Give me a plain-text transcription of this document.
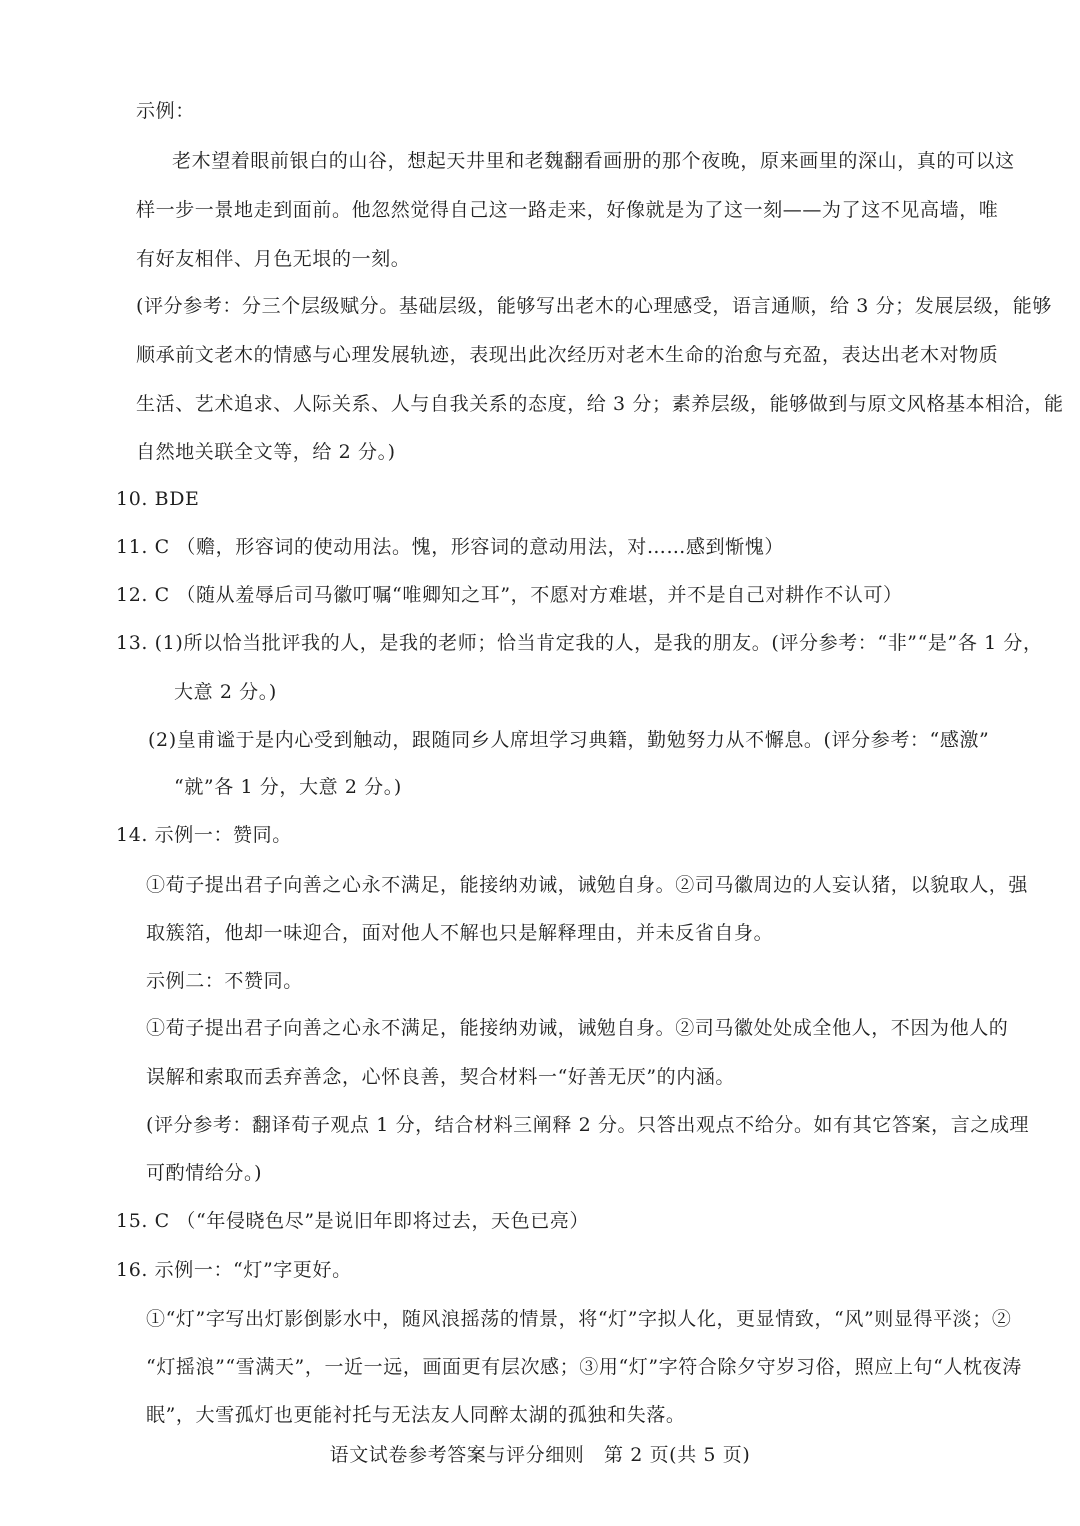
示例：
老木望着眼前银白的山谷，想起天井里和老魏翻看画册的那个夜晚，原来画里的深山，真的可以这
样一步一景地走到面前。他忽然觉得自己这一路走来，好像就是为了这一刻——为了这不见高墙，唯
有好友相伴、月色无垠的一刻。
(评分参考：分三个层级赋分。基础层级，能够写出老木的心理感受，语言通顺，给 3 分；发展层级，能够
顺承前文老木的情感与心理发展轨迹，表现出此次经历对老木生命的治愈与充盈，表达出老木对物质
生活、艺术追求、人际关系、人与自我关系的态度，给 3 分；素养层级，能够做到与原文风格基本相洽，能
自然地关联全文等，给 2 分。)
10. BDE
11. C （赡，形容词的使动用法。愧，形容词的意动用法，对……感到惭愧）
12. C （随从羞辱后司马徽叮嘱“唯卿知之耳”，不愿对方难堪，并不是自己对耕作不认可）
13. (1)所以恰当批评我的人，是我的老师；恰当肯定我的人，是我的朋友。(评分参考：“非”“是”各 1 分，
大意 2 分。)
(2)皇甫谧于是内心受到触动，跟随同乡人席坦学习典籍，勤勉努力从不懈息。(评分参考：“感激”
“就”各 1 分，大意 2 分。)
14. 示例一：赞同。
①荀子提出君子向善之心永不满足，能接纳劝诫，诫勉自身。②司马徽周边的人妄认猪，以貌取人，强
取簇箔，他却一味迎合，面对他人不解也只是解释理由，并未反省自身。
示例二：不赞同。
①荀子提出君子向善之心永不满足，能接纳劝诫，诫勉自身。②司马徽处处成全他人，不因为他人的
误解和索取而丢弃善念，心怀良善，契合材料一“好善无厌”的内涵。
(评分参考：翻译荀子观点 1 分，结合材料三阐释 2 分。只答出观点不给分。如有其它答案，言之成理
可酌情给分。)
15. C （“年侵晓色尽”是说旧年即将过去，天色已亮）
16. 示例一：“灯”字更好。
①“灯”字写出灯影倒影水中，随风浪摇荡的情景，将“灯”字拟人化，更显情致，“风”则显得平淡；②
“灯摇浪”“雪满天”，一近一远，画面更有层次感；③用“灯”字符合除夕守岁习俗，照应上句“人枕夜涛
眠”，大雪孤灯也更能衬托与无法友人同醉太湖的孤独和失落。
语文试卷参考答案与评分细则　第 2 页(共 5 页)
